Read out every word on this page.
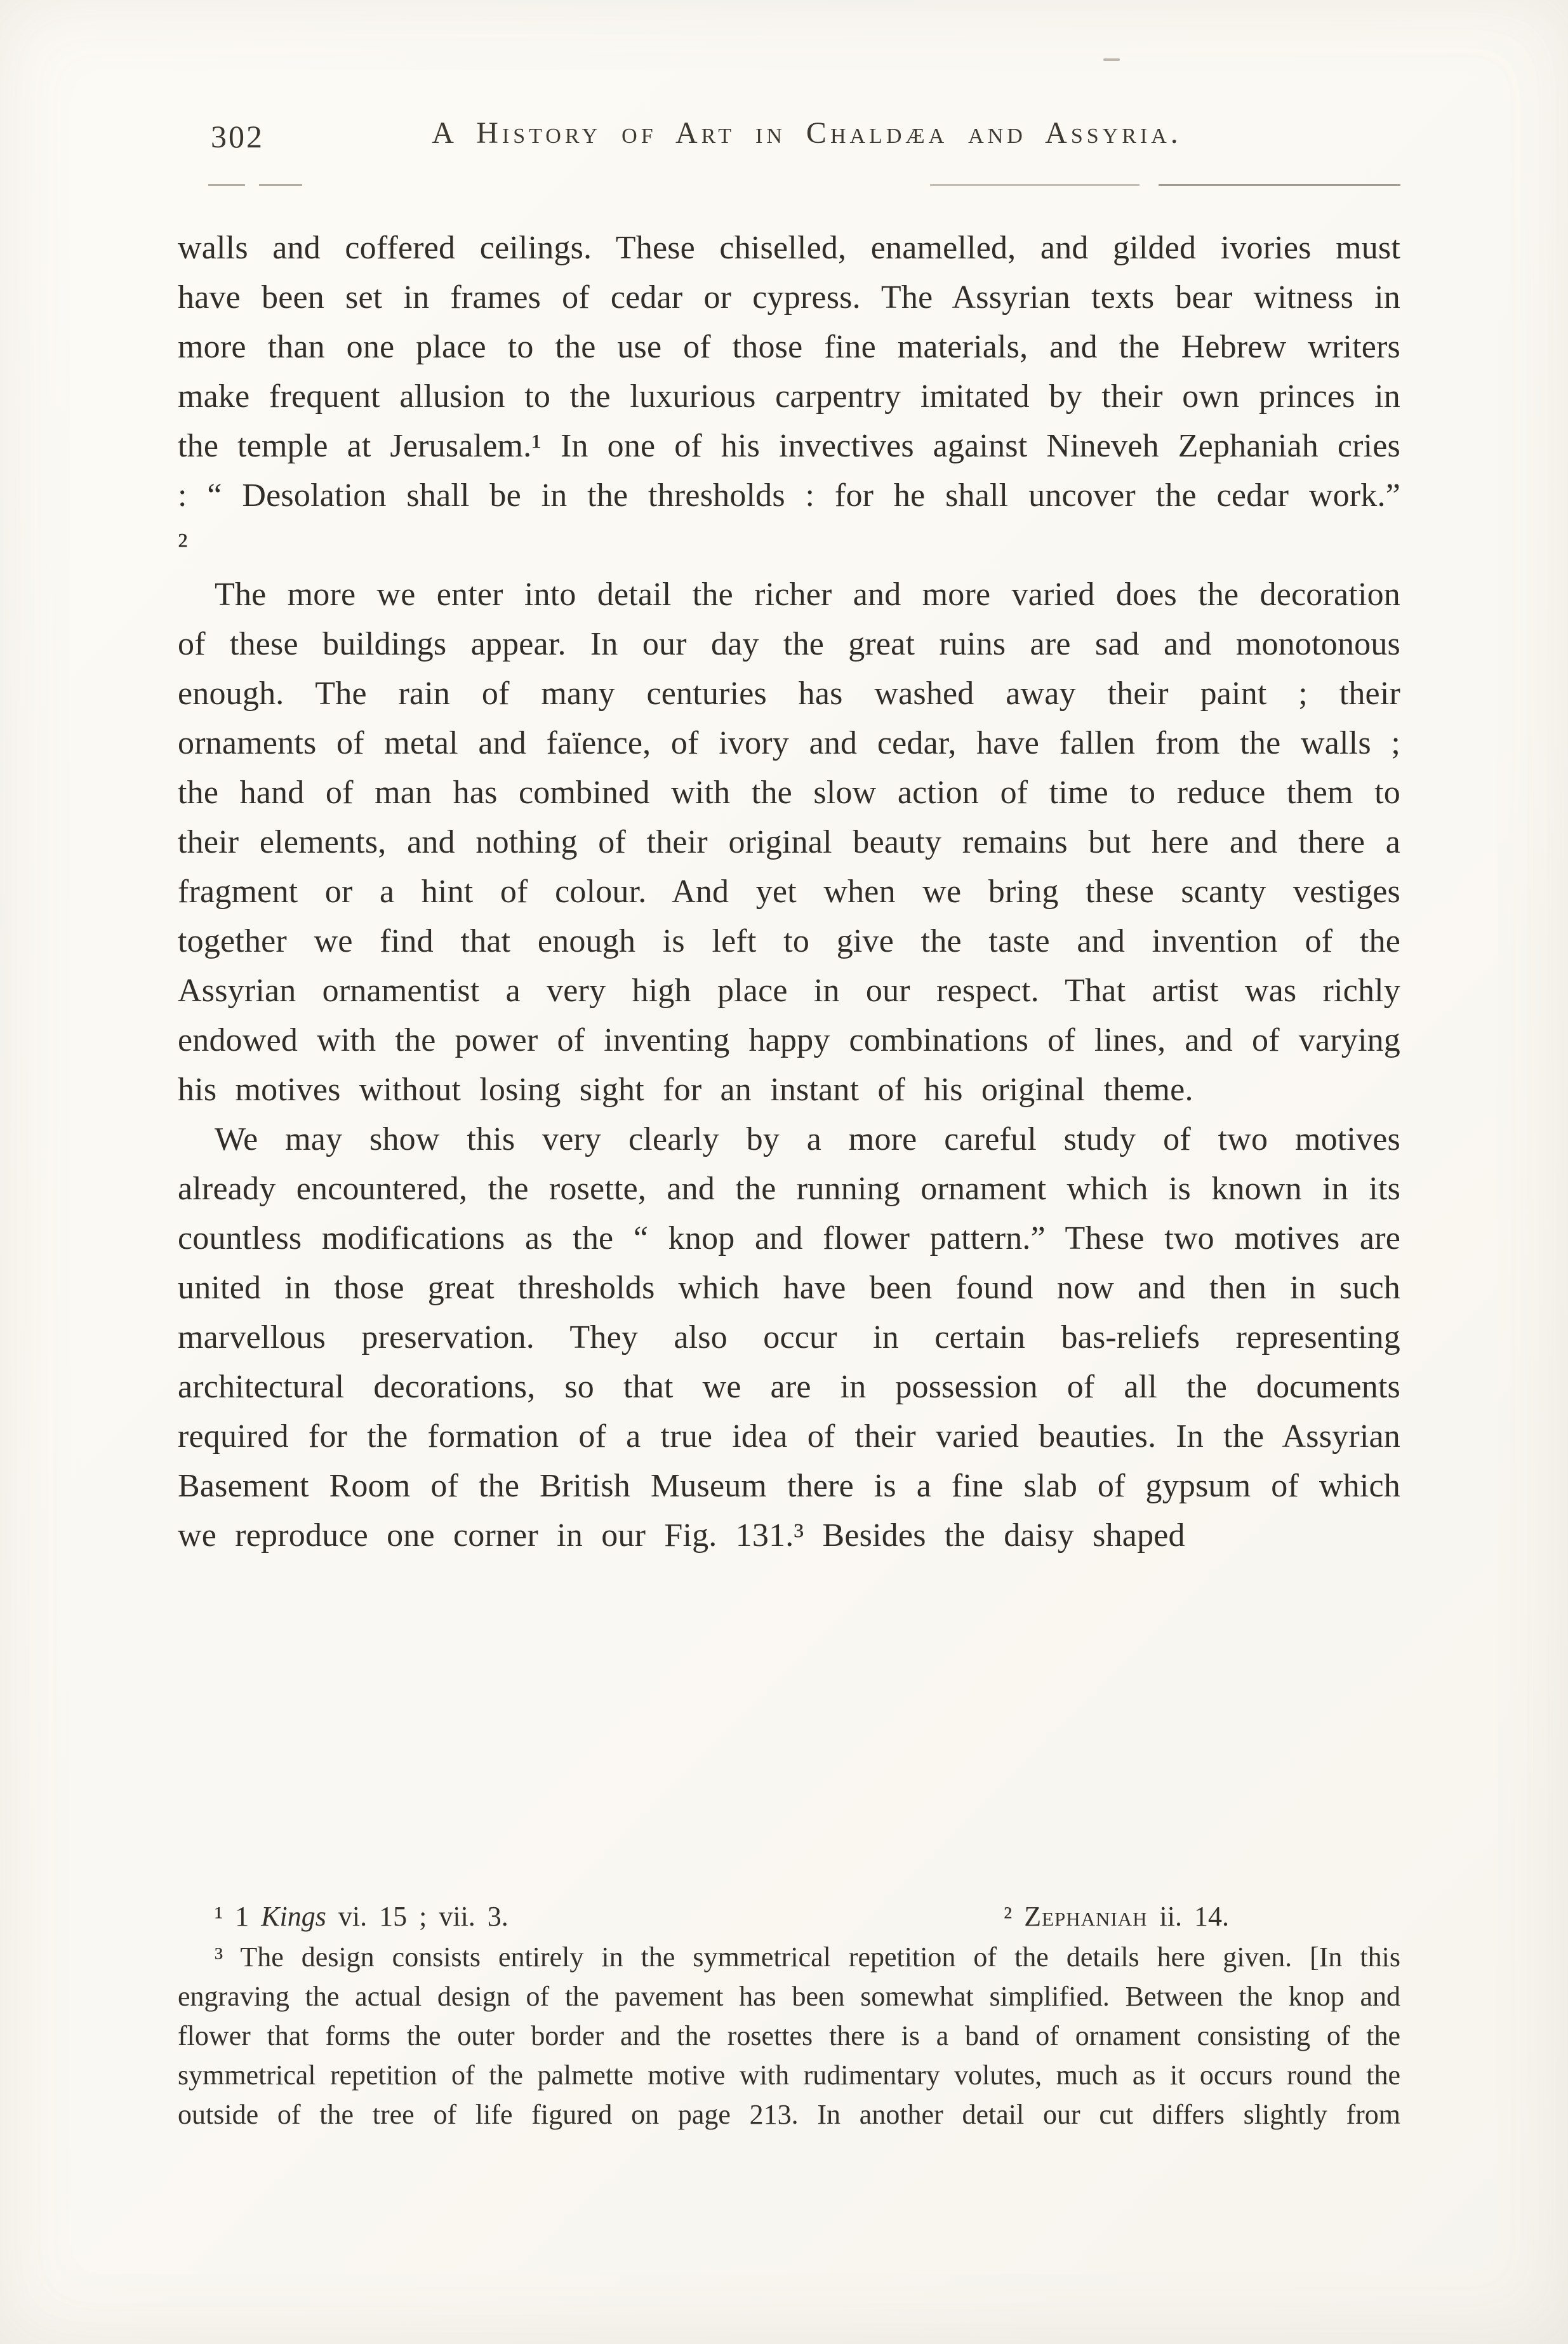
302	A History of Art in Chaldæa and Assyria.

walls and coffered ceilings. These chiselled, enamelled, and gilded ivories must have been set in frames of cedar or cypress. The Assyrian texts bear witness in more than one place to the use of those fine materials, and the Hebrew writers make frequent allusion to the luxurious carpentry imitated by their own princes in the temple at Jerusalem.¹ In one of his invectives against Nineveh Zephaniah cries : “ Desolation shall be in the thresholds : for he shall uncover the cedar work.” ²

The more we enter into detail the richer and more varied does the decoration of these buildings appear. In our day the great ruins are sad and monotonous enough. The rain of many centuries has washed away their paint ; their ornaments of metal and faïence, of ivory and cedar, have fallen from the walls ; the hand of man has combined with the slow action of time to reduce them to their elements, and nothing of their original beauty remains but here and there a fragment or a hint of colour. And yet when we bring these scanty vestiges together we find that enough is left to give the taste and invention of the Assyrian ornamentist a very high place in our respect. That artist was richly endowed with the power of inventing happy combinations of lines, and of varying his motives without losing sight for an instant of his original theme.

We may show this very clearly by a more careful study of two motives already encountered, the rosette, and the running ornament which is known in its countless modifications as the “ knop and flower pattern.” These two motives are united in those great thresholds which have been found now and then in such marvellous preservation. They also occur in certain bas-reliefs representing architectural decorations, so that we are in possession of all the documents required for the formation of a true idea of their varied beauties. In the Assyrian Basement Room of the British Museum there is a fine slab of gypsum of which we reproduce one corner in our Fig. 131.³ Besides the daisy shaped

¹ 1 Kings vi. 15 ; vii. 3.	² Zephaniah ii. 14.

³ The design consists entirely in the symmetrical repetition of the details here given. [In this engraving the actual design of the pavement has been somewhat simplified. Between the knop and flower that forms the outer border and the rosettes there is a band of ornament consisting of the symmetrical repetition of the palmette motive with rudimentary volutes, much as it occurs round the outside of the tree of life figured on page 213. In another detail our cut differs slightly from
